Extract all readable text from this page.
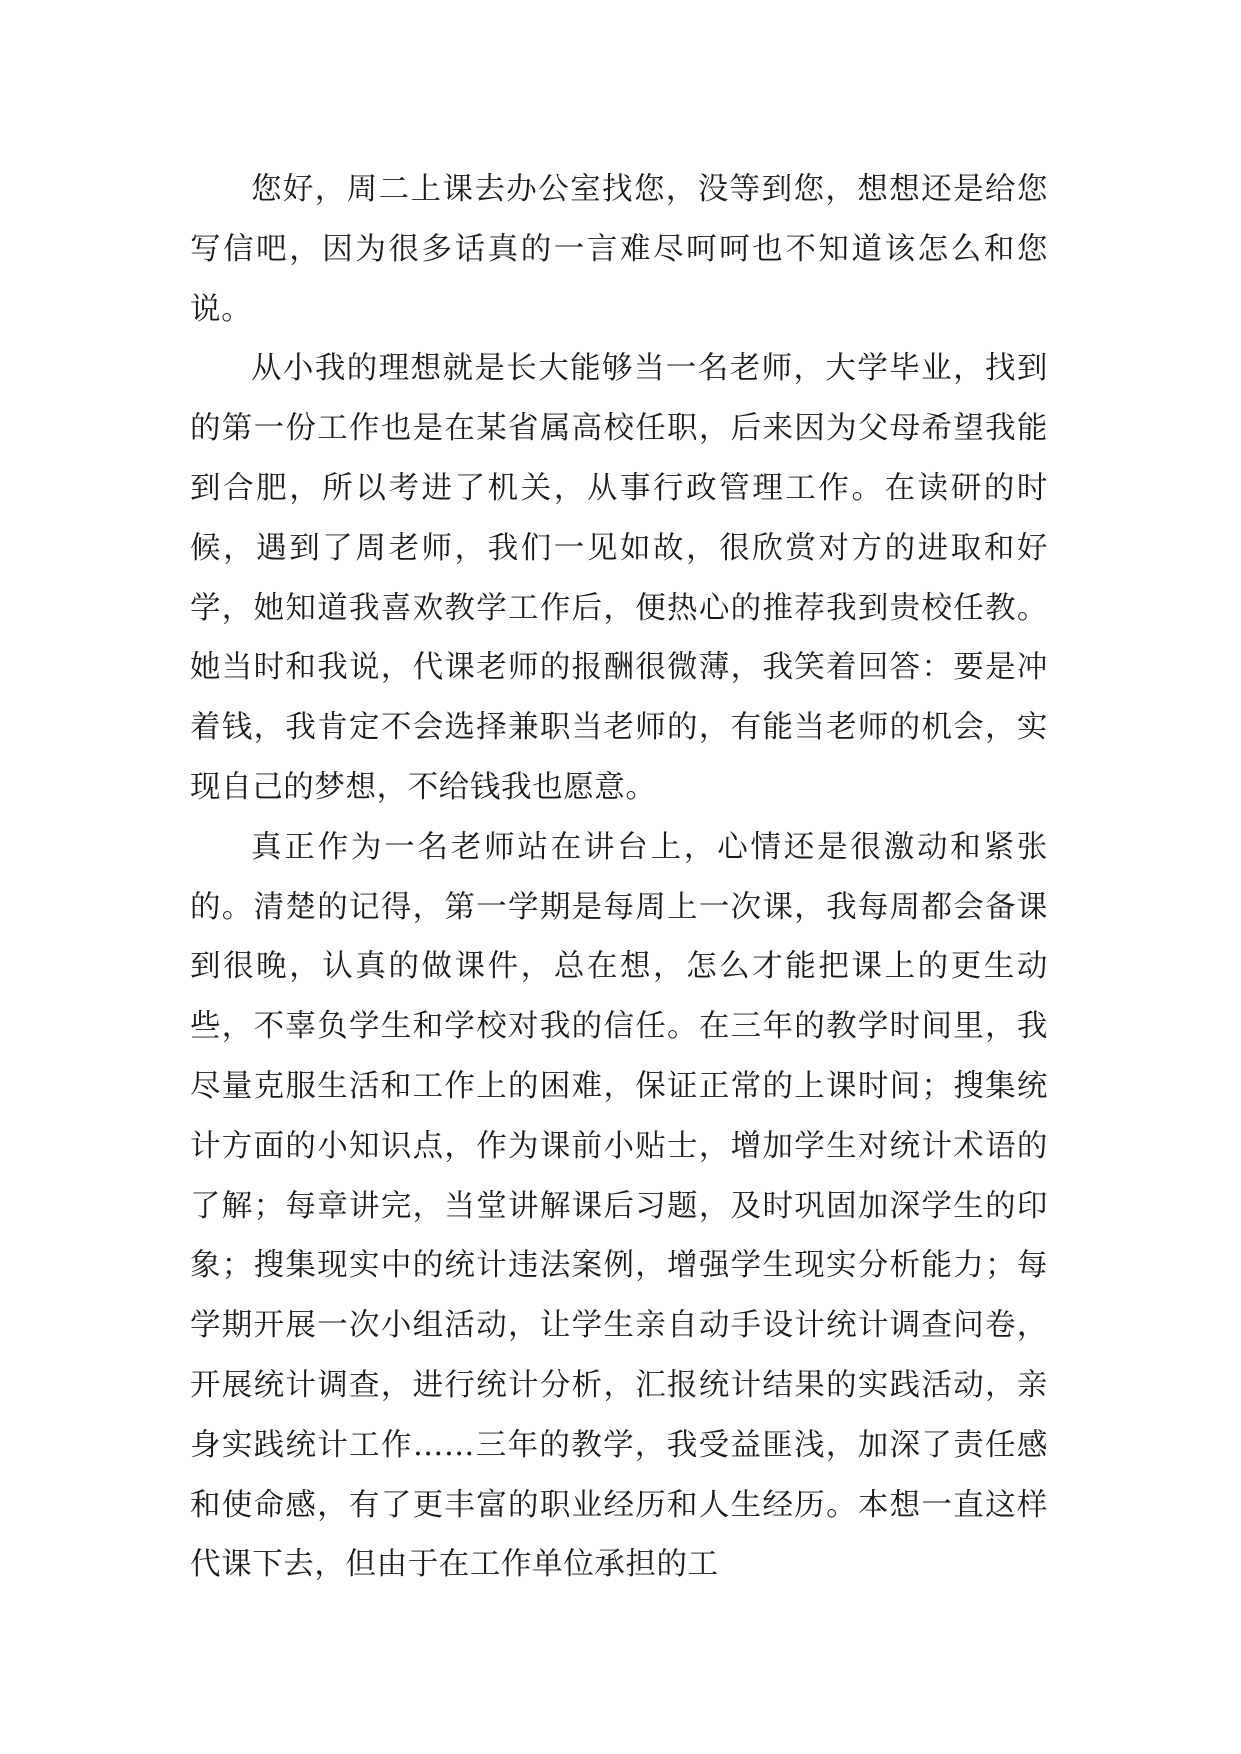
您好，周二上课去办公室找您，没等到您，想想还是给您写信吧，因为很多话真的一言难尽呵呵也不知道该怎么和您说。

从小我的理想就是长大能够当一名老师，大学毕业，找到的第一份工作也是在某省属高校任职，后来因为父母希望我能到合肥，所以考进了机关，从事行政管理工作。在读研的时候，遇到了周老师，我们一见如故，很欣赏对方的进取和好学，她知道我喜欢教学工作后，便热心的推荐我到贵校任教。她当时和我说，代课老师的报酬很微薄，我笑着回答：要是冲着钱，我肯定不会选择兼职当老师的，有能当老师的机会，实现自己的梦想，不给钱我也愿意。

真正作为一名老师站在讲台上，心情还是很激动和紧张的。清楚的记得，第一学期是每周上一次课，我每周都会备课到很晚，认真的做课件，总在想，怎么才能把课上的更生动些，不辜负学生和学校对我的信任。在三年的教学时间里，我尽量克服生活和工作上的困难，保证正常的上课时间；搜集统计方面的小知识点，作为课前小贴士，增加学生对统计术语的了解；每章讲完，当堂讲解课后习题，及时巩固加深学生的印象；搜集现实中的统计违法案例，增强学生现实分析能力；每学期开展一次小组活动，让学生亲自动手设计统计调查问卷，开展统计调查，进行统计分析，汇报统计结果的实践活动，亲身实践统计工作……三年的教学，我受益匪浅，加深了责任感和使命感，有了更丰富的职业经历和人生经历。本想一直这样代课下去，但由于在工作单位承担的工
